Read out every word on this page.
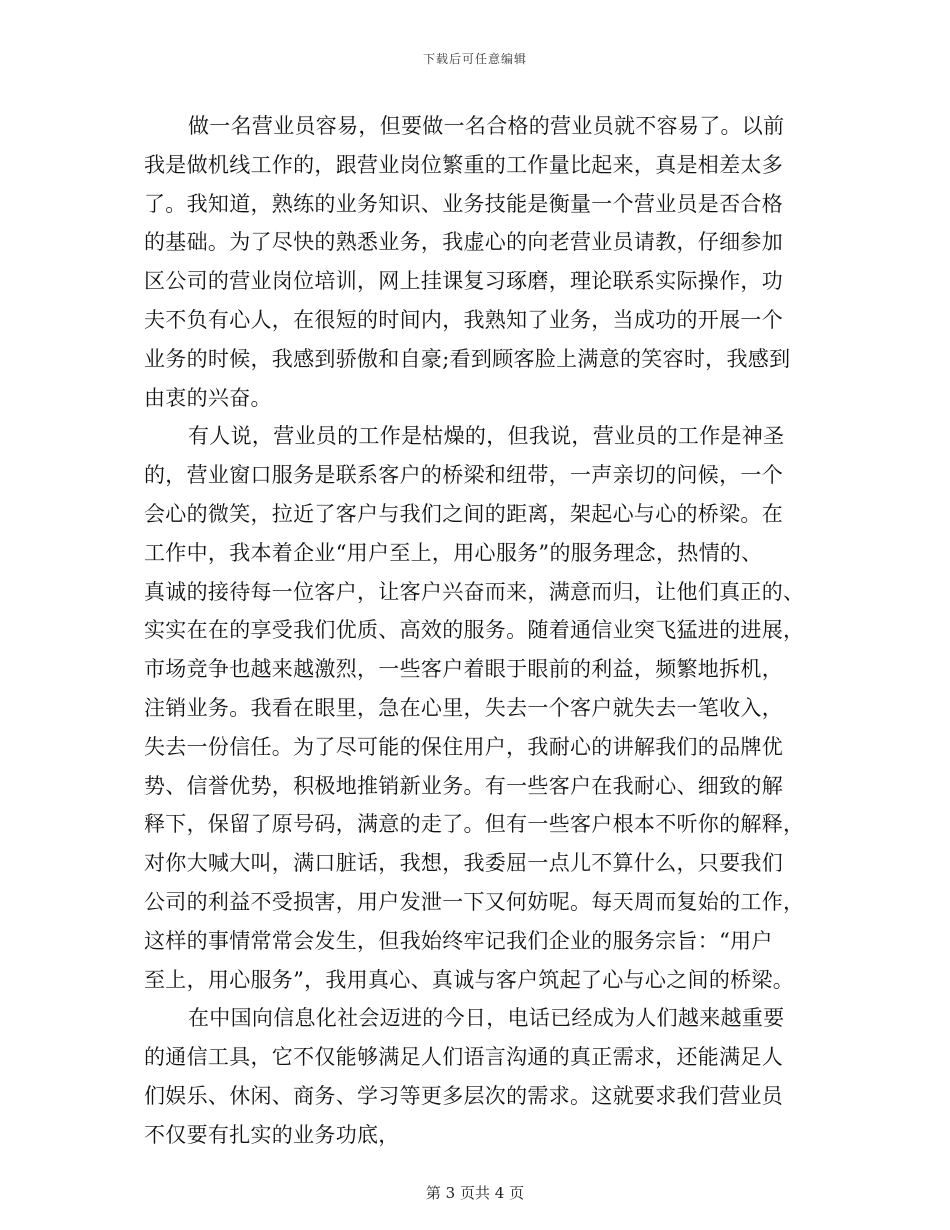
下载后可任意编辑
做一名营业员容易，但要做一名合格的营业员就不容易了。以前
我是做机线工作的，跟营业岗位繁重的工作量比起来，真是相差太多
了。我知道，熟练的业务知识、业务技能是衡量一个营业员是否合格
的基础。为了尽快的熟悉业务，我虚心的向老营业员请教，仔细参加
区公司的营业岗位培训，网上挂课复习琢磨，理论联系实际操作，功
夫不负有心人，在很短的时间内，我熟知了业务，当成功的开展一个
业务的时候，我感到骄傲和自豪;看到顾客脸上满意的笑容时，我感到
由衷的兴奋。
有人说，营业员的工作是枯燥的，但我说，营业员的工作是神圣
的，营业窗口服务是联系客户的桥梁和纽带，一声亲切的问候，一个
会心的微笑，拉近了客户与我们之间的距离，架起心与心的桥梁。在
工作中，我本着企业“用户至上，用心服务”的服务理念，热情的、
真诚的接待每一位客户，让客户兴奋而来，满意而归，让他们真正的、
实实在在的享受我们优质、高效的服务。随着通信业突飞猛进的进展，
市场竞争也越来越激烈，一些客户着眼于眼前的利益，频繁地拆机，
注销业务。我看在眼里，急在心里，失去一个客户就失去一笔收入，
失去一份信任。为了尽可能的保住用户，我耐心的讲解我们的品牌优
势、信誉优势，积极地推销新业务。有一些客户在我耐心、细致的解
释下，保留了原号码，满意的走了。但有一些客户根本不听你的解释，
对你大喊大叫，满口脏话，我想，我委屈一点儿不算什么，只要我们
公司的利益不受损害，用户发泄一下又何妨呢。每天周而复始的工作，
这样的事情常常会发生，但我始终牢记我们企业的服务宗旨：“用户
至上，用心服务”，我用真心、真诚与客户筑起了心与心之间的桥梁。
在中国向信息化社会迈进的今日，电话已经成为人们越来越重要
的通信工具，它不仅能够满足人们语言沟通的真正需求，还能满足人
们娱乐、休闲、商务、学习等更多层次的需求。这就要求我们营业员
不仅要有扎实的业务功底，
第 3 页共 4 页
